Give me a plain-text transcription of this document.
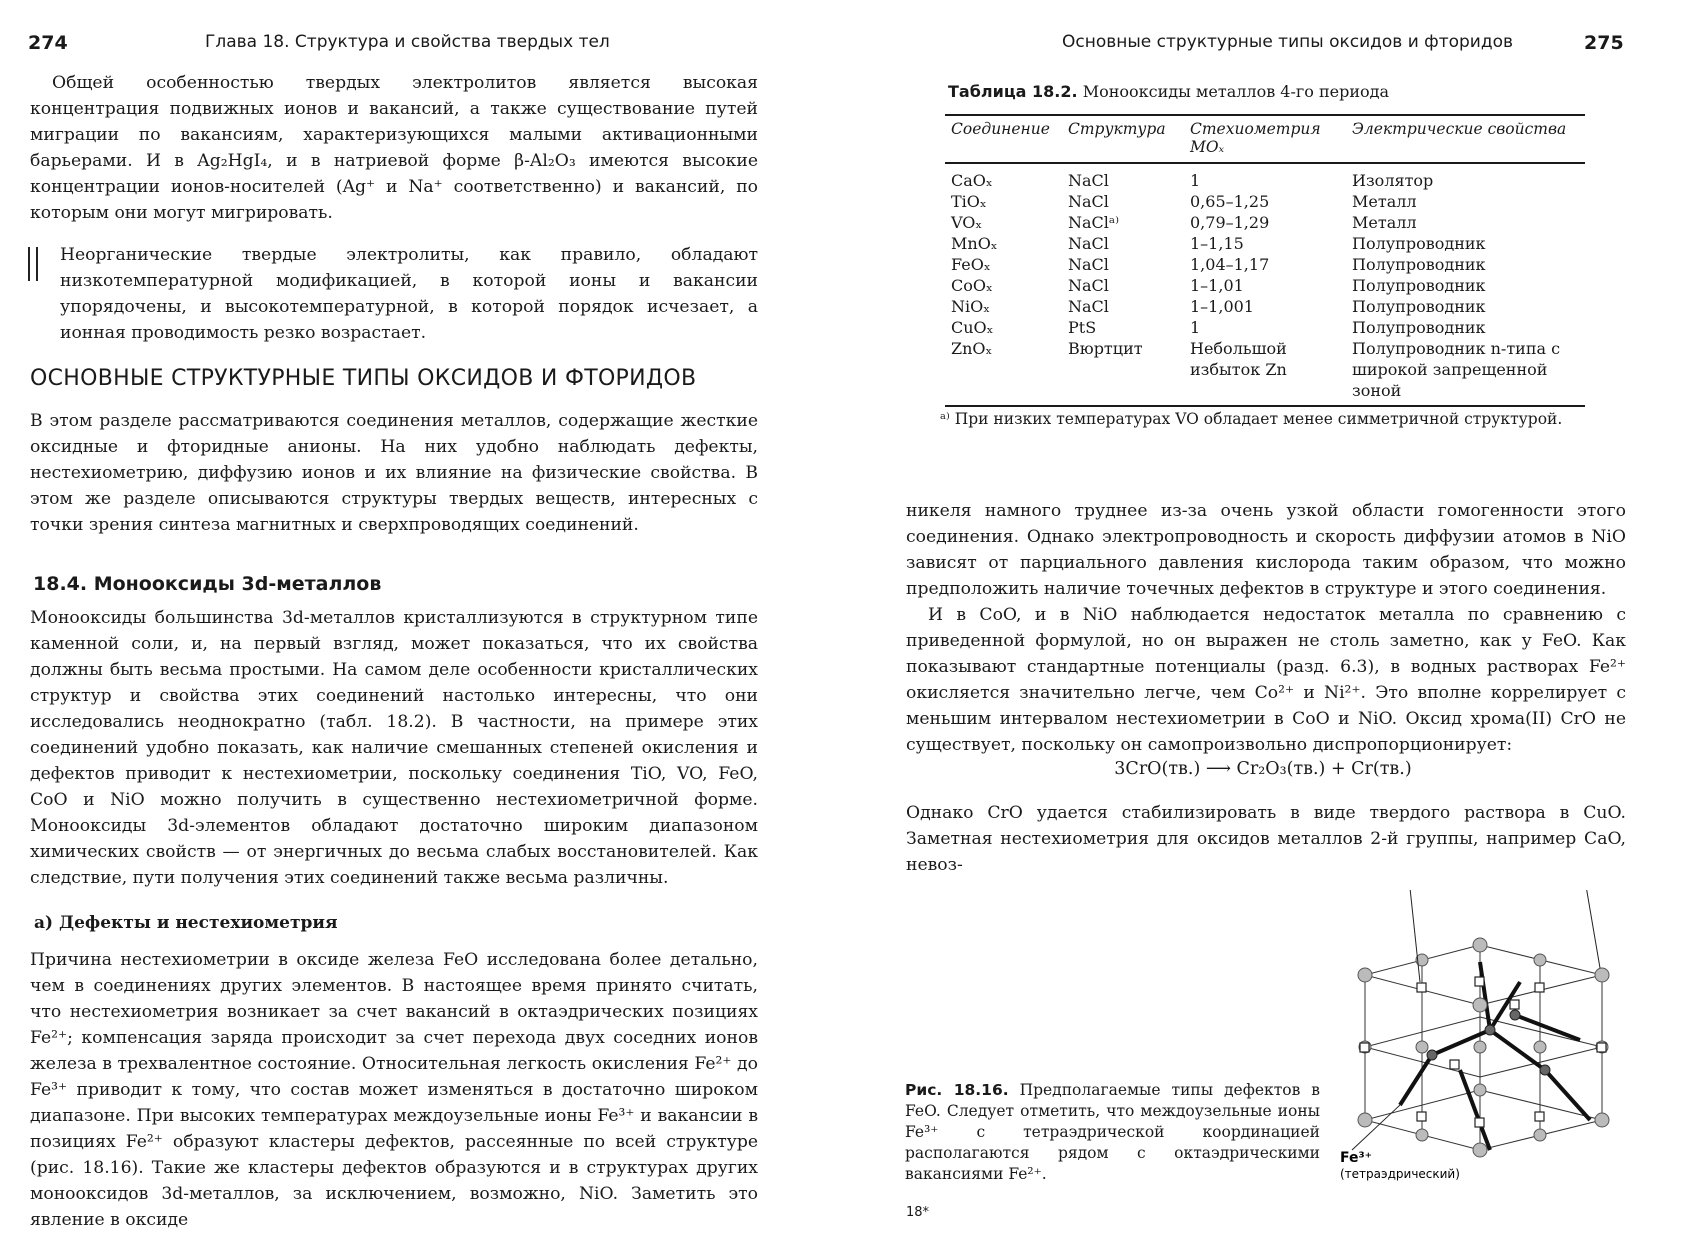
274	Глава 18. Структура и свойства твердых тел

Общей особенностью твердых электролитов является высокая концентрация подвижных ионов и вакансий, а также существование путей миграции по вакансиям, характеризующихся малыми активационными барьерами. И в Ag₂HgI₄, и в натриевой форме β-Al₂O₃ имеются высокие концентрации ионов-носителей (Ag⁺ и Na⁺ соответственно) и вакансий, по которым они могут мигрировать.

Неорганические твердые электролиты, как правило, обладают низкотемпературной модификацией, в которой ионы и вакансии упорядочены, и высокотемпературной, в которой порядок исчезает, а ионная проводимость резко возрастает.

ОСНОВНЫЕ СТРУКТУРНЫЕ ТИПЫ ОКСИДОВ И ФТОРИДОВ

В этом разделе рассматриваются соединения металлов, содержащие жесткие оксидные и фторидные анионы. На них удобно наблюдать дефекты, нестехиометрию, диффузию ионов и их влияние на физические свойства. В этом же разделе описываются структуры твердых веществ, интересных с точки зрения синтеза магнитных и сверхпроводящих соединений.

18.4. Монооксиды 3d-металлов

Монооксиды большинства 3d-металлов кристаллизуются в структурном типе каменной соли, и, на первый взгляд, может показаться, что их свойства должны быть весьма простыми. На самом деле особенности кристаллических структур и свойства этих соединений настолько интересны, что они исследовались неоднократно (табл. 18.2). В частности, на примере этих соединений удобно показать, как наличие смешанных степеней окисления и дефектов приводит к нестехиометрии, поскольку соединения TiO, VO, FeO, CoO и NiO можно получить в существенно нестехиометричной форме. Монооксиды 3d-элементов обладают достаточно широким диапазоном химических свойств — от энергичных до весьма слабых восстановителей. Как следствие, пути получения этих соединений также весьма различны.

а) Дефекты и нестехиометрия

Причина нестехиометрии в оксиде железа FeO исследована более детально, чем в соединениях других элементов. В настоящее время принято считать, что нестехиометрия возникает за счет вакансий в октаэдрических позициях Fe²⁺; компенсация заряда происходит за счет перехода двух соседних ионов железа в трехвалентное состояние. Относительная легкость окисления Fe²⁺ до Fe³⁺ приводит к тому, что состав может изменяться в достаточно широком диапазоне. При высоких температурах междоузельные ионы Fe³⁺ и вакансии в позициях Fe²⁺ образуют кластеры дефектов, рассеянные по всей структуре (рис. 18.16). Такие же кластеры дефектов образуются и в структурах других монооксидов 3d-металлов, за исключением, возможно, NiO. Заметить это явление в оксиде

Основные структурные типы оксидов и фторидов	275
Таблица 18.2. Монооксиды металлов 4-го периода
Соединение	Структура	Стехиометрия MOₓ	Электрические свойства
CaOₓ	NaCl	1	Изолятор
TiOₓ	NaCl	0,65–1,25	Металл
VOₓ	NaClᵃ⁾	0,79–1,29	Металл
MnOₓ	NaCl	1–1,15	Полупроводник
FeOₓ	NaCl	1,04–1,17	Полупроводник
CoOₓ	NaCl	1–1,01	Полупроводник
NiOₓ	NaCl	1–1,001	Полупроводник
CuOₓ	PtS	1	Полупроводник
ZnOₓ	Вюртцит	Небольшой избыток Zn	Полупроводник n-типа с широкой запрещенной зоной
ᵃ⁾ При низких температурах VO обладает менее симметричной структурой.

никеля намного труднее из-за очень узкой области гомогенности этого соединения. Однако электропроводность и скорость диффузии атомов в NiO зависят от парциального давления кислорода таким образом, что можно предположить наличие точечных дефектов в структуре и этого соединения.

И в CoO, и в NiO наблюдается недостаток металла по сравнению с приведенной формулой, но он выражен не столь заметно, как у FeO. Как показывают стандартные потенциалы (разд. 6.3), в водных растворах Fe²⁺ окисляется значительно легче, чем Co²⁺ и Ni²⁺. Это вполне коррелирует с меньшим интервалом нестехиометрии в CoO и NiO. Оксид хрома(II) CrO не существует, поскольку он самопроизвольно диспропорционирует:

3CrO(тв.) ⟶ Cr₂O₃(тв.) + Cr(тв.)

Однако CrO удается стабилизировать в виде твердого раствора в CuO. Заметная нестехиометрия для оксидов металлов 2-й группы, например CaO, невоз-

Рис. 18.16. Предполагаемые типы дефектов в FeO. Следует отметить, что междоузельные ионы Fe³⁺ с тетраэдрической координацией располагаются рядом с октаэдрическими вакансиями Fe²⁺.
Fe³⁺
(тетраэдрический)
18*
